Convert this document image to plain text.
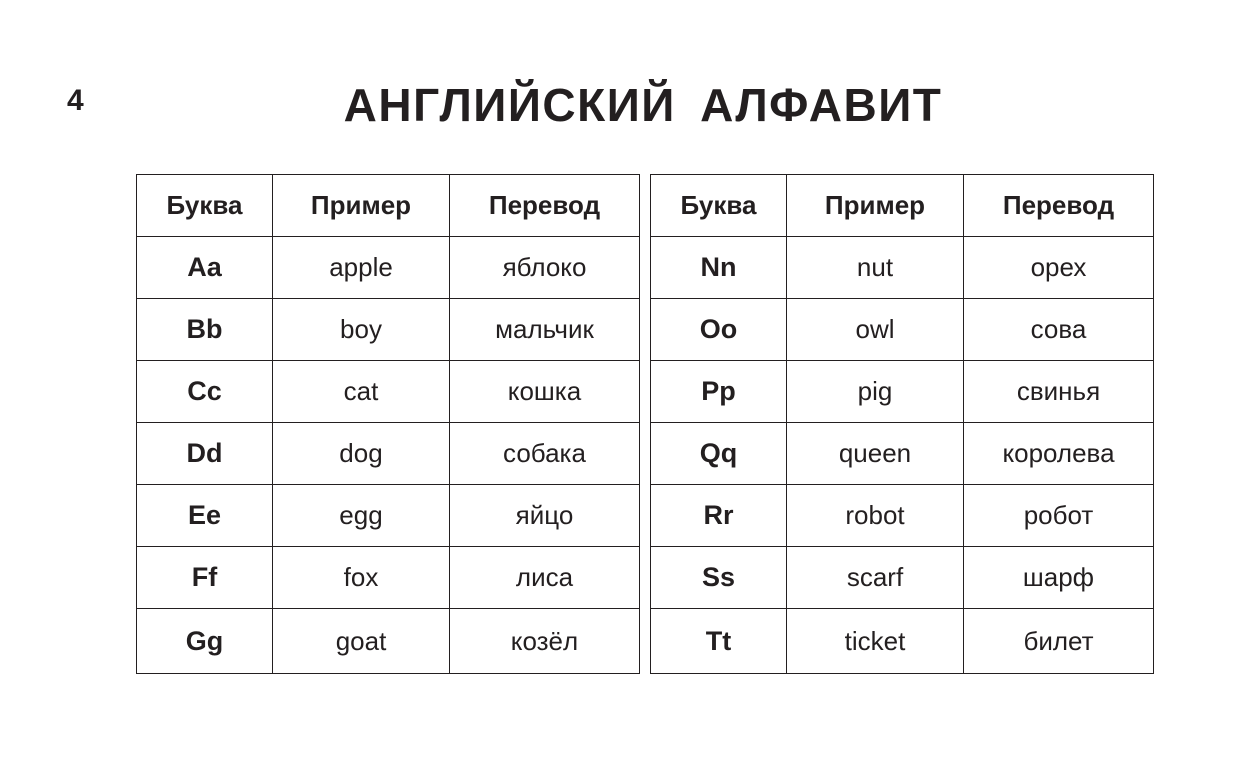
4	АНГЛИЙСКИЙ АЛФАВИТ
Буква	Пример	Перевод
Aa	apple	яблоко
Bb	boy	мальчик
Cc	cat	кошка
Dd	dog	собака
Ee	egg	яйцо
Ff	fox	лиса
Gg	goat	козёл
Буква	Пример	Перевод
Nn	nut	орех
Oo	owl	сова
Pp	pig	свинья
Qq	queen	королева
Rr	robot	робот
Ss	scarf	шарф
Tt	ticket	билет
